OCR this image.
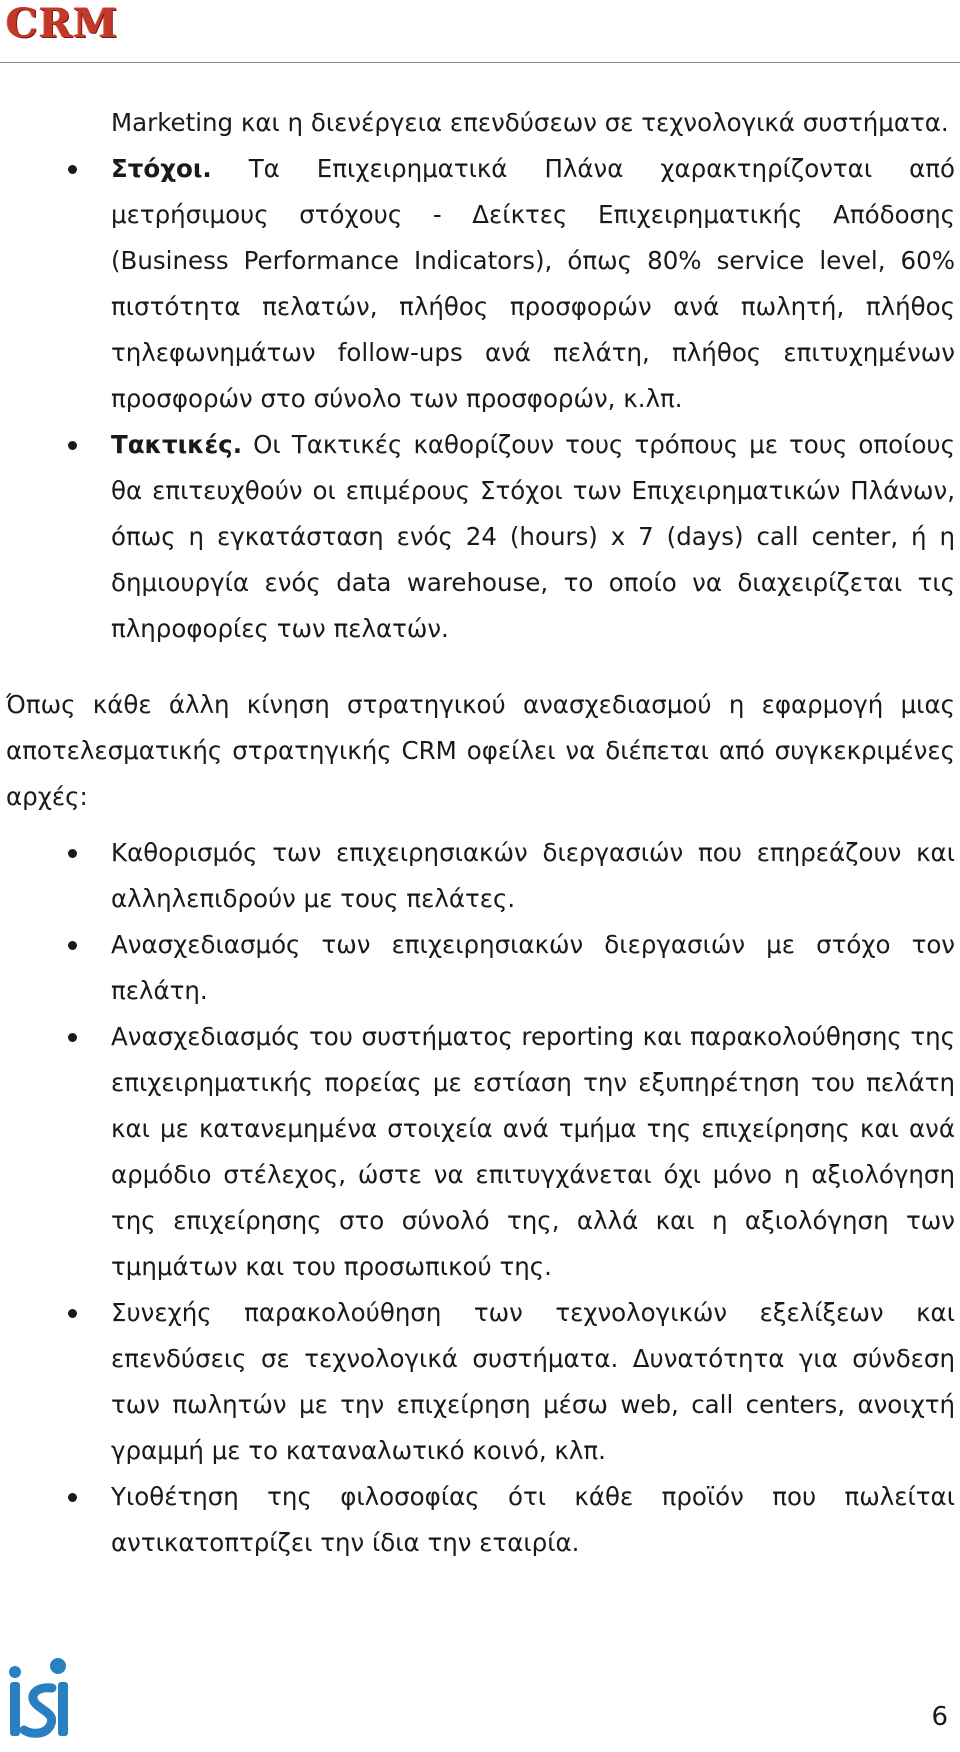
CRM

Marketing και η διενέργεια επενδύσεων σε τεχνολογικά συστήματα.

Στόχοι. Τα Επιχειρηματικά Πλάνα χαρακτηρίζονται από μετρήσιμους στόχους - Δείκτες Επιχειρηματικής Απόδοσης (Business Performance Indicators), όπως 80% service level, 60% πιστότητα πελατών, πλήθος προσφορών ανά πωλητή, πλήθος τηλεφωνημάτων follow-ups ανά πελάτη, πλήθος επιτυχημένων προσφορών στο σύνολο των προσφορών, κ.λπ.
Τακτικές. Οι Τακτικές καθορίζουν τους τρόπους με τους οποίους θα επιτευχθούν οι επιμέρους Στόχοι των Επιχειρηματικών Πλάνων, όπως η εγκατάσταση ενός 24 (hours) x 7 (days) call center, ή η δημιουργία ενός data warehouse, το οποίο να διαχειρίζεται τις πληροφορίες των πελατών.

Όπως κάθε άλλη κίνηση στρατηγικού ανασχεδιασμού η εφαρμογή μιας αποτελεσματικής στρατηγικής CRM οφείλει να διέπεται από συγκεκριμένες αρχές:

Καθορισμός των επιχειρησιακών διεργασιών που επηρεάζουν και αλληλεπιδρούν με τους πελάτες.
Ανασχεδιασμός των επιχειρησιακών διεργασιών με στόχο τον πελάτη.
Ανασχεδιασμός του συστήματος reporting και παρακολούθησης της επιχειρηματικής πορείας με εστίαση την εξυπηρέτηση του πελάτη και με κατανεμημένα στοιχεία ανά τμήμα της επιχείρησης και ανά αρμόδιο στέλεχος, ώστε να επιτυγχάνεται όχι μόνο η αξιολόγηση της επιχείρησης στο σύνολό της, αλλά και η αξιολόγηση των τμημάτων και του προσωπικού της.
Συνεχής παρακολούθηση των τεχνολογικών εξελίξεων και επενδύσεις σε τεχνολογικά συστήματα. Δυνατότητα για σύνδεση των πωλητών με την επιχείρηση μέσω web, call centers, ανοιχτή γραμμή με το καταναλωτικό κοινό, κλπ.
Υιοθέτηση της φιλοσοφίας ότι κάθε προϊόν που πωλείται αντικατοπτρίζει την ίδια την εταιρία.
6
